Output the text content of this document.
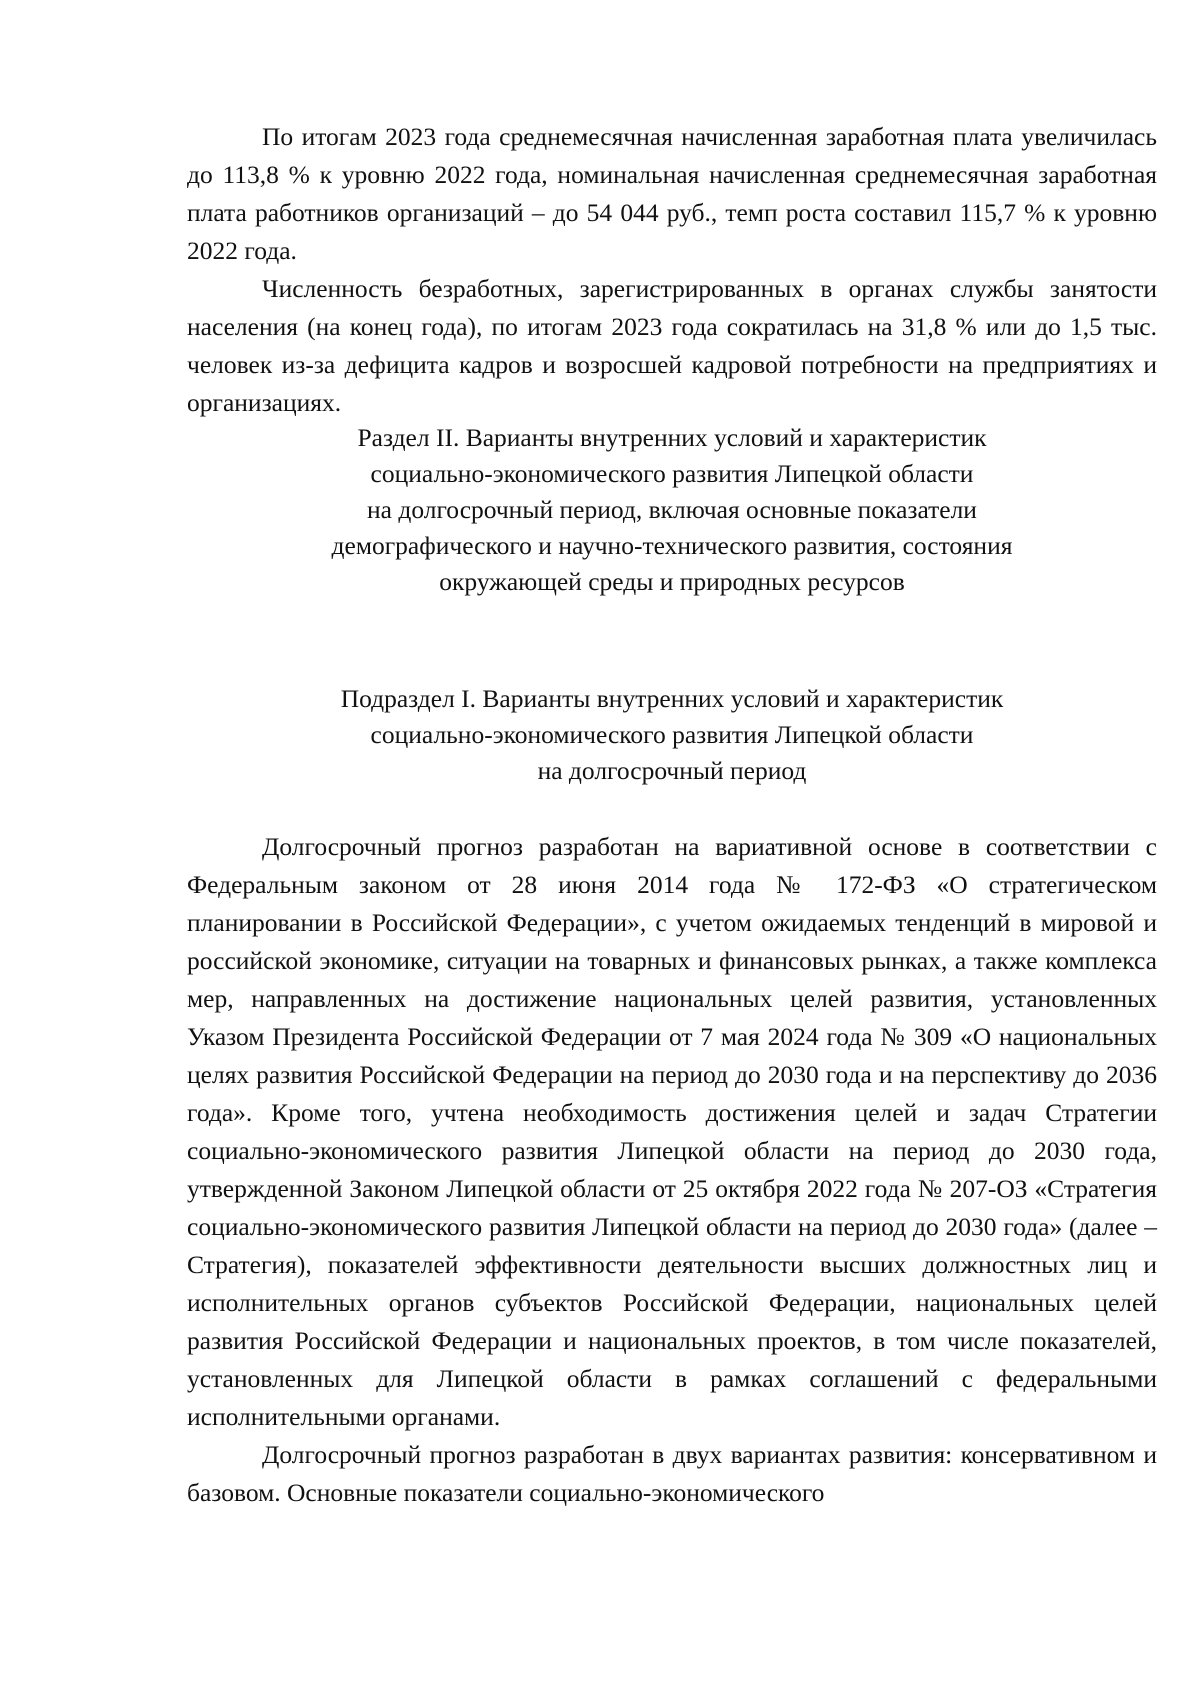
По итогам 2023 года среднемесячная начисленная заработная плата увеличилась до 113,8 % к уровню 2022 года, номинальная начисленная среднемесячная заработная плата работников организаций – до 54 044 руб., темп роста составил 115,7 % к уровню 2022 года.

Численность безработных, зарегистрированных в органах службы занятости населения (на конец года), по итогам 2023 года сократилась на 31,8 % или до 1,5 тыс. человек из-за дефицита кадров и возросшей кадровой потребности на предприятиях и организациях.

Раздел II. Варианты внутренних условий и характеристик
социально-экономического развития Липецкой области
на долгосрочный период, включая основные показатели
демографического и научно-технического развития, состояния
окружающей среды и природных ресурсов
Подраздел I. Варианты внутренних условий и характеристик
социально-экономического развития Липецкой области
на долгосрочный период

Долгосрочный прогноз разработан на вариативной основе в соответствии с Федеральным законом от 28 июня 2014 года № 172-ФЗ «О стратегическом планировании в Российской Федерации», с учетом ожидаемых тенденций в мировой и российской экономике, ситуации на товарных и финансовых рынках, а также комплекса мер, направленных на достижение национальных целей развития, установленных Указом Президента Российской Федерации от 7 мая 2024 года № 309 «О национальных целях развития Российской Федерации на период до 2030 года и на перспективу до 2036 года». Кроме того, учтена необходимость достижения целей и задач Стратегии социально-экономического развития Липецкой области на период до 2030 года, утвержденной Законом Липецкой области от 25 октября 2022 года № 207-ОЗ «Стратегия социально-экономического развития Липецкой области на период до 2030 года» (далее – Стратегия), показателей эффективности деятельности высших должностных лиц и исполнительных органов субъектов Российской Федерации, национальных целей развития Российской Федерации и национальных проектов, в том числе показателей, установленных для Липецкой области в рамках соглашений с федеральными исполнительными органами.

Долгосрочный прогноз разработан в двух вариантах развития: консервативном и базовом. Основные показатели социально-экономического
